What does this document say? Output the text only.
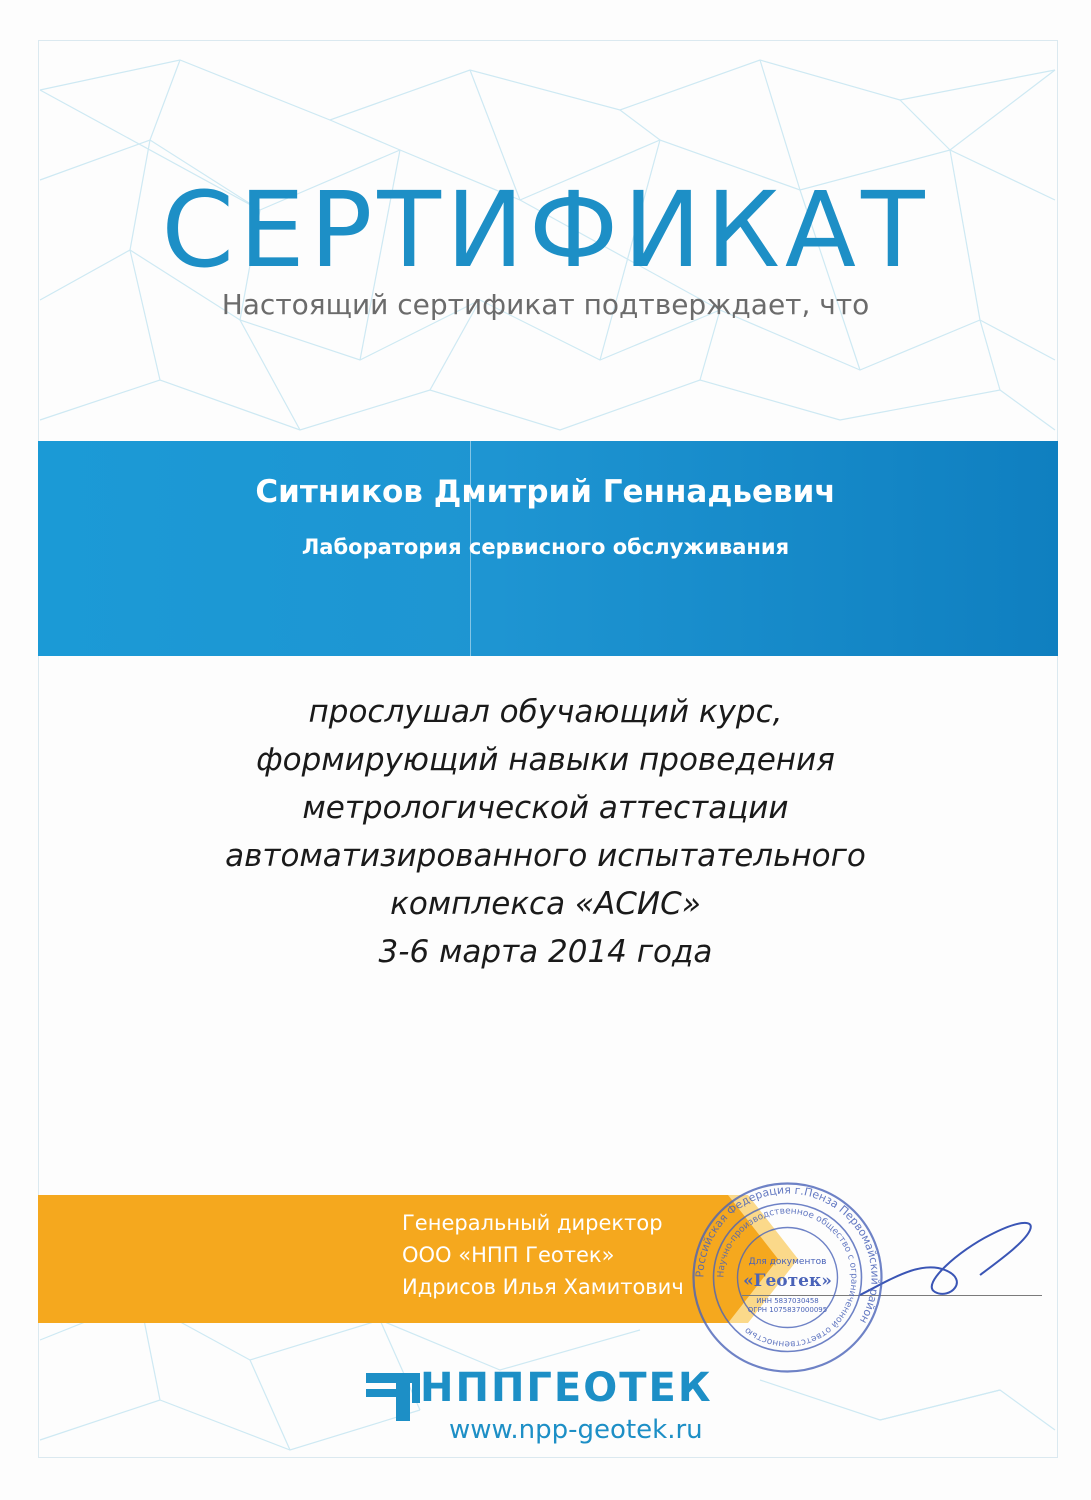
СЕРТИФИКАТ
Настоящий сертификат подтверждает, что
Ситников Дмитрий Геннадьевич
Лаборатория сервисного обслуживания
прослушал обучающий курс,
формирующий навыки проведения
метрологической аттестации
автоматизированного испытательного
комплекса «АСИС»
3-6 марта 2014 года
Генеральный директор
ООО «НПП Геотек»
Идрисов Илья Хамитович
Российская Федерация г.Пенза Первомайский район
Научно-производственное общество с ограниченной ответственностью
Для документов
«Геотек»
ИНН 5837030458
ОГРН 1075837000095
НППГЕОТЕК
www.npp-geotek.ru
